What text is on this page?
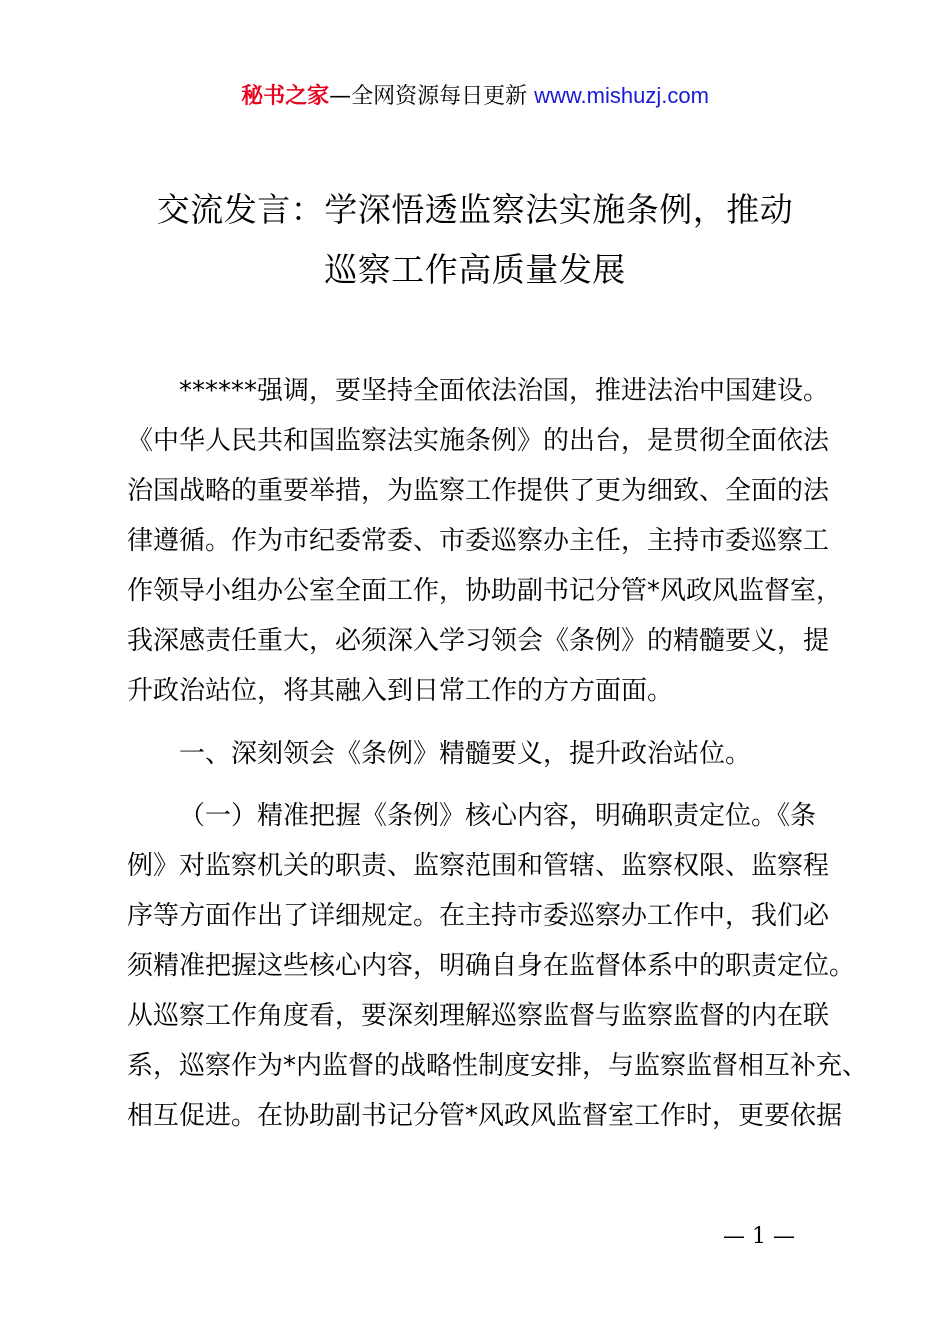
秘书之家—全网资源每日更新 www.mishuzj.com
交流发言：学深悟透监察法实施条例，推动
巡察工作高质量发展
******强调，要坚持全面依法治国，推进法治中国建设。
《中华人民共和国监察法实施条例》的出台，是贯彻全面依法
治国战略的重要举措，为监察工作提供了更为细致、全面的法
律遵循。作为市纪委常委、市委巡察办主任，主持市委巡察工
作领导小组办公室全面工作，协助副书记分管*风政风监督室，
我深感责任重大，必须深入学习领会《条例》的精髓要义，提
升政治站位，将其融入到日常工作的方方面面。
一、深刻领会《条例》精髓要义，提升政治站位。
（一）精准把握《条例》核心内容，明确职责定位。《条
例》对监察机关的职责、监察范围和管辖、监察权限、监察程
序等方面作出了详细规定。在主持市委巡察办工作中，我们必
须精准把握这些核心内容，明确自身在监督体系中的职责定位。
从巡察工作角度看，要深刻理解巡察监督与监察监督的内在联
系，巡察作为*内监督的战略性制度安排，与监察监督相互补充、
相互促进。在协助副书记分管*风政风监督室工作时，更要依据
— 1 —
